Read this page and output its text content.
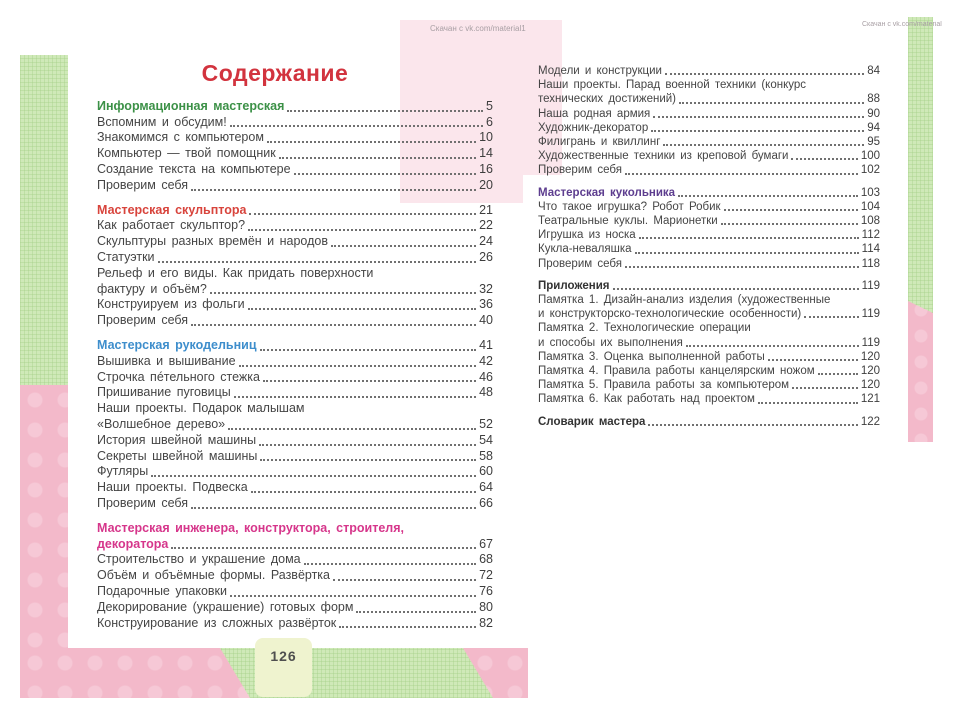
Скачан с vk.com/material1	Скачан с vk.com/material
126
Содержание
Информационная мастерская	5
Вспомним и обсудим!	6
Знакомимся с компьютером	10
Компьютер — твой помощник	14
Создание текста на компьютере	16
Проверим себя	20
Мастерская скульптора	21
Как работает скульптор?	22
Скульптуры разных времён и народов	24
Статуэтки	26
Рельеф и его виды. Как придать поверхности
фактуру и объём?	32
Конструируем из фольги	36
Проверим себя	40
Мастерская рукодельниц	41
Вышивка и вышивание	42
Строчка пéтельного стежка	46
Пришивание пуговицы	48
Наши проекты. Подарок малышам
«Волшебное дерево»	52
История швейной машины	54
Секреты швейной машины	58
Футляры	60
Наши проекты. Подвеска	64
Проверим себя	66
Мастерская инженера, конструктора, строителя,
декоратора	67
Строительство и украшение дома	68
Объём и объёмные формы. Развёртка	72
Подарочные упаковки	76
Декорирование (украшение) готовых форм	80
Конструирование из сложных развёрток	82
Модели и конструкции	84
Наши проекты. Парад военной техники (конкурс
технических достижений)	88
Наша родная армия	90
Художник-декоратор	94
Филигрань и квиллинг	95
Художественные техники из креповой бумаги	100
Проверим себя	102
Мастерская кукольника	103
Что такое игрушка? Робот Робик	104
Театральные куклы. Марионетки	108
Игрушка из носка	112
Кукла-неваляшка	114
Проверим себя	118
Приложения	119
Памятка 1. Дизайн-анализ изделия (художественные
и конструкторско-технологические особенности)	119
Памятка 2. Технологические операции
и способы их выполнения	119
Памятка 3. Оценка выполненной работы	120
Памятка 4. Правила работы канцелярским ножом	120
Памятка 5. Правила работы за компьютером	120
Памятка 6. Как работать над проектом	121
Словарик мастера	122
